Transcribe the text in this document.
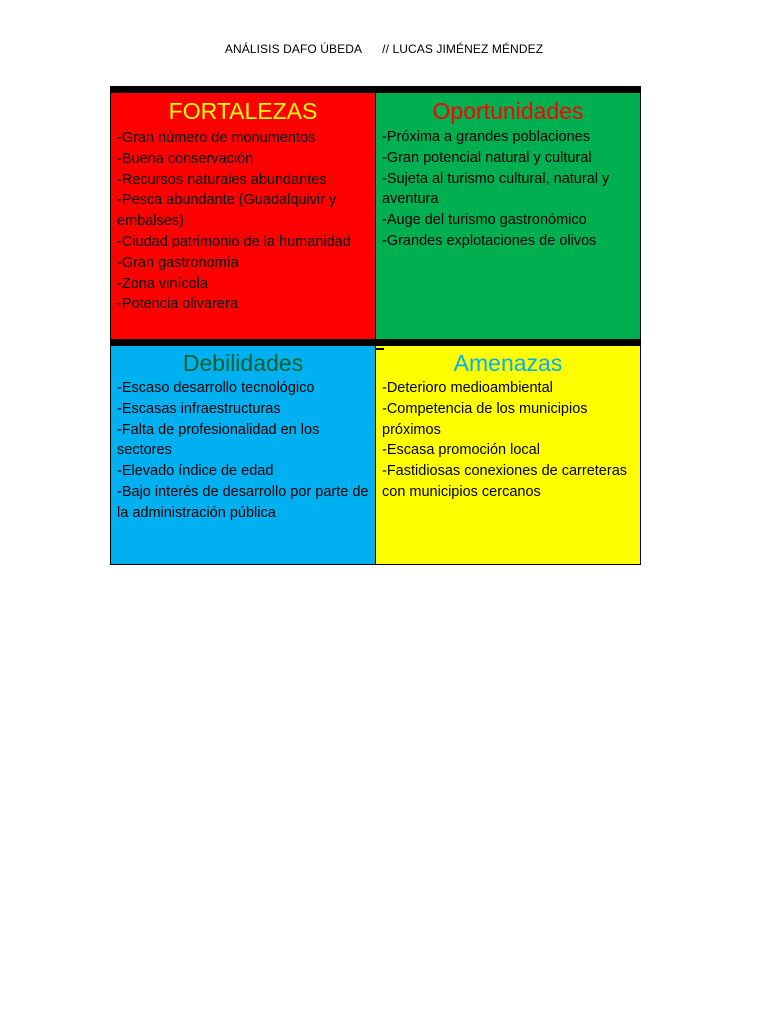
ANÁLISIS DAFO ÚBEDA // LUCAS JIMÉNEZ MÉNDEZ
FORTALEZAS
-Gran número de monumentos
-Buena conservación
-Recursos naturales abundantes
-Pesca abundante (Guadalquivir y embalses)
-Ciudad patrimonio de la humanidad
-Gran gastronomía
-Zona vinícola
-Potencia olivarera
Oportunidades
-Próxima a grandes poblaciones
-Gran potencial natural y cultural
-Sujeta al turismo cultural, natural y aventura
-Auge del turismo gastronómico
-Grandes explotaciones de olivos
Debilidades
-Escaso desarrollo tecnológico
-Escasas infraestructuras
-Falta de profesionalidad en los sectores
-Elevado índice de edad
-Bajo interés de desarrollo por parte de la administración pública
Amenazas
-Deterioro medioambiental
-Competencia de los municipios próximos
-Escasa promoción local
-Fastidiosas conexiones de carreteras con municipios cercanos
